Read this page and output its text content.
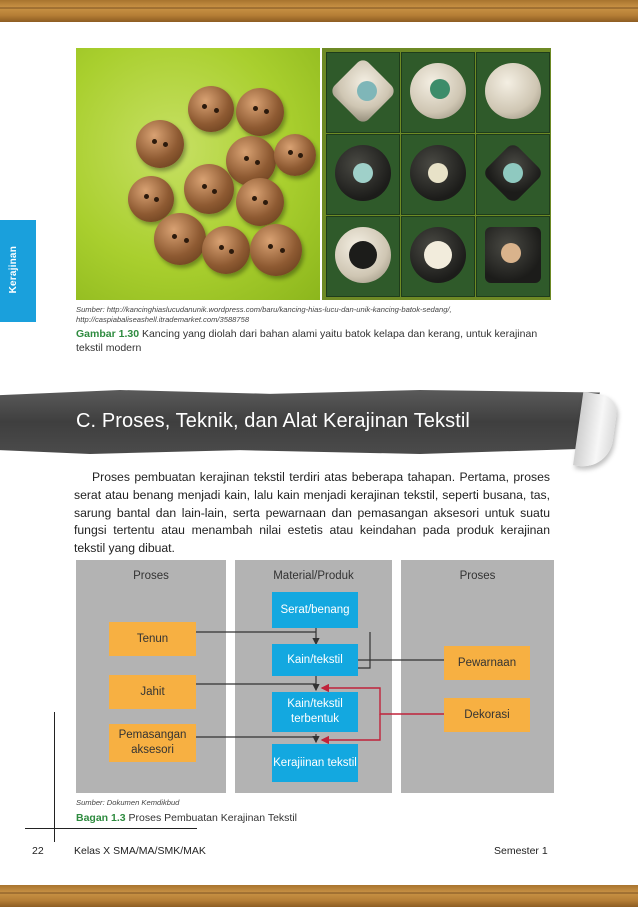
Kerajinan
Sumber: http://kancinghiaslucudanunik.wordpress.com/baru/kancing-hias-lucu-dan-unik-kancing-batok-sedang/, http://caspiabaliseashell.itrademarket.com/3588758
Gambar 1.30 Kancing yang diolah dari bahan alami yaitu batok kelapa dan kerang, untuk kerajinan tekstil modern
C. Proses, Teknik, dan Alat Kerajinan Tekstil
Proses pembuatan kerajinan tekstil terdiri atas beberapa tahapan. Pertama, proses serat atau benang menjadi kain, lalu kain menjadi kerajinan tekstil, seperti busana, tas, sarung bantal dan lain-lain, serta pewarnaan dan pemasangan aksesori untuk suatu fungsi tertentu atau menambah nilai estetis atau keindahan pada produk kerajinan tekstil yang dibuat.
Proses	Material/Produk	Proses
Tenun
Jahit
Pemasangan aksesori
Serat/benang
Kain/tekstil
Kain/tekstil terbentuk
Kerajiinan tekstil
Pewarnaan
Dekorasi
Sumber: Dokumen Kemdikbud
Bagan 1.3 Proses Pembuatan Kerajinan Tekstil
22	Kelas X SMA/MA/SMK/MAK	Semester 1
